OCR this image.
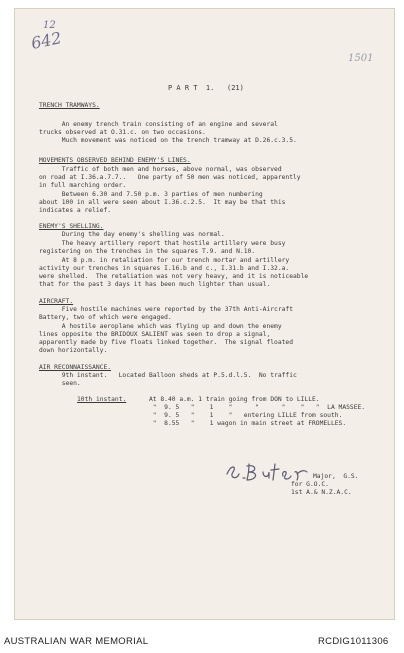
12
642
1501
P A R T  1.   (21)
TRENCH TRAMWAYS.
An enemy trench train consisting of an engine and several
trucks observed at O.31.c. on two occasions.
Much movement was noticed on the trench tramway at D.26.c.3.5.
MOVEMENTS OBSERVED BEHIND ENEMY'S LINES.
Traffic of both men and horses, above normal, was observed
on road at I.36.a.7.7..   One party of 50 men was noticed, apparently
in full marching order.
Between 6.30 and 7.50 p.m. 3 parties of men numbering
about 100 in all were seen about I.36.c.2.5.  It may be that this
indicates a relief.
ENEMY'S SHELLING.
During the day enemy's shelling was normal.
The heavy artillery report that hostile artillery were busy
registering on the trenches in the squares T.9. and N.10.
At 8 p.m. in retaliation for our trench mortar and artillery
activity our trenches in squares I.16.b and c., I.31.b and I.32.a.
were shelled.  The retaliation was not very heavy, and it is noticeable
that for the past 3 days it has been much lighter than usual.
AIRCRAFT.
Five hostile machines were reported by the 37th Anti-Aircraft
Battery, two of which were engaged.
A hostile aeroplane which was flying up and down the enemy
lines opposite the BRIDOUX SALIENT was seen to drop a signal,
apparently made by five floats linked together.  The signal floated
down horizontally.
AIR RECONNAISSANCE.
9th instant.   Located Balloon sheds at P.5.d.l.5.  No traffic
seen.
10th instant.	At 8.40 a.m. 1 train going from DON to LILLE.
"  9. 5   "    1    "      "      "    "   "  LA MASSEE.
"  9. 5   "    1    "   entering LILLE from south.
"  8.55   "    1 wagon in main street at FROMELLES.
Major,  G.S.
for G.O.C.
1st A.& N.Z.A.C.
AUSTRALIAN WAR MEMORIAL	RCDIG1011306
